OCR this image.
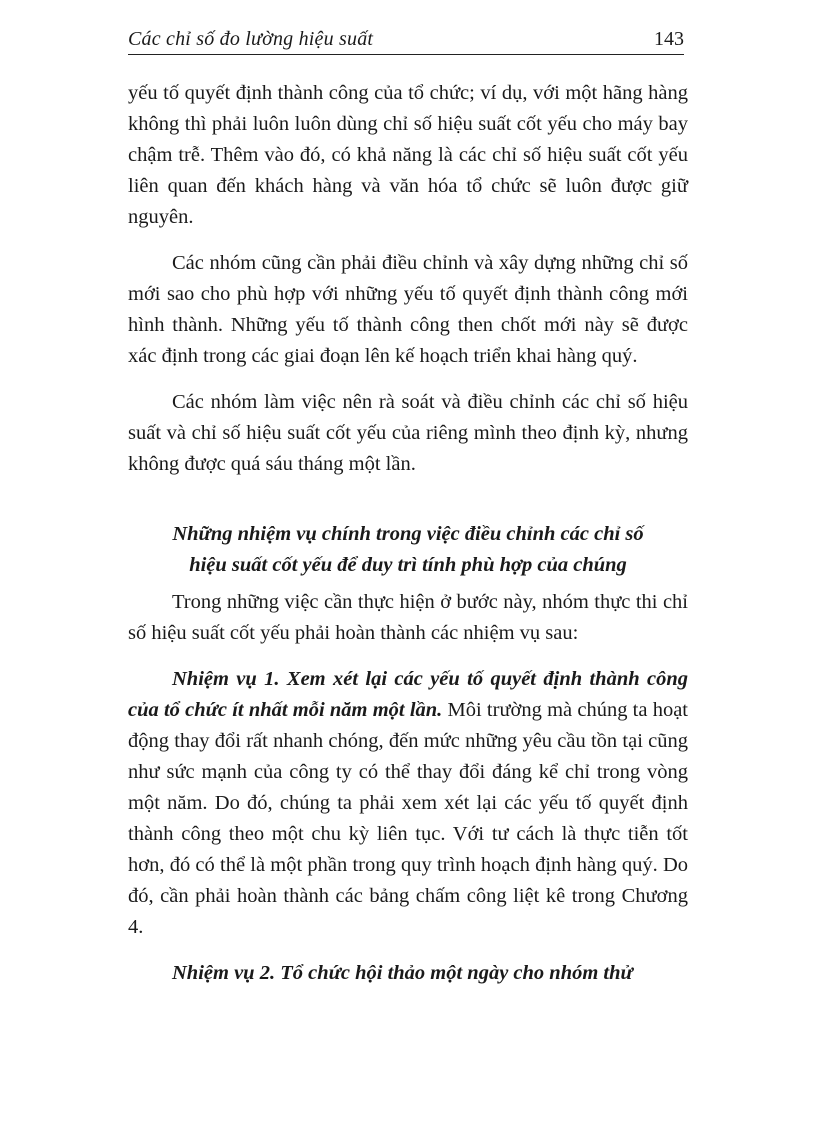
Các chỉ số đo lường hiệu suất	143

yếu tố quyết định thành công của tổ chức; ví dụ, với một hãng hàng không thì phải luôn luôn dùng chỉ số hiệu suất cốt yếu cho máy bay chậm trễ. Thêm vào đó, có khả năng là các chỉ số hiệu suất cốt yếu liên quan đến khách hàng và văn hóa tổ chức sẽ luôn được giữ nguyên.

Các nhóm cũng cần phải điều chỉnh và xây dựng những chỉ số mới sao cho phù hợp với những yếu tố quyết định thành công mới hình thành. Những yếu tố thành công then chốt mới này sẽ được xác định trong các giai đoạn lên kế hoạch triển khai hàng quý.

Các nhóm làm việc nên rà soát và điều chỉnh các chỉ số hiệu suất và chỉ số hiệu suất cốt yếu của riêng mình theo định kỳ, nhưng không được quá sáu tháng một lần.

Những nhiệm vụ chính trong việc điều chỉnh các chỉ số
hiệu suất cốt yếu để duy trì tính phù hợp của chúng

Trong những việc cần thực hiện ở bước này, nhóm thực thi chỉ số hiệu suất cốt yếu phải hoàn thành các nhiệm vụ sau:

Nhiệm vụ 1. Xem xét lại các yếu tố quyết định thành công của tổ chức ít nhất mỗi năm một lần. Môi trường mà chúng ta hoạt động thay đổi rất nhanh chóng, đến mức những yêu cầu tồn tại cũng như sức mạnh của công ty có thể thay đổi đáng kể chỉ trong vòng một năm. Do đó, chúng ta phải xem xét lại các yếu tố quyết định thành công theo một chu kỳ liên tục. Với tư cách là thực tiễn tốt hơn, đó có thể là một phần trong quy trình hoạch định hàng quý. Do đó, cần phải hoàn thành các bảng chấm công liệt kê trong Chương 4.

Nhiệm vụ 2. Tổ chức hội thảo một ngày cho nhóm thử
